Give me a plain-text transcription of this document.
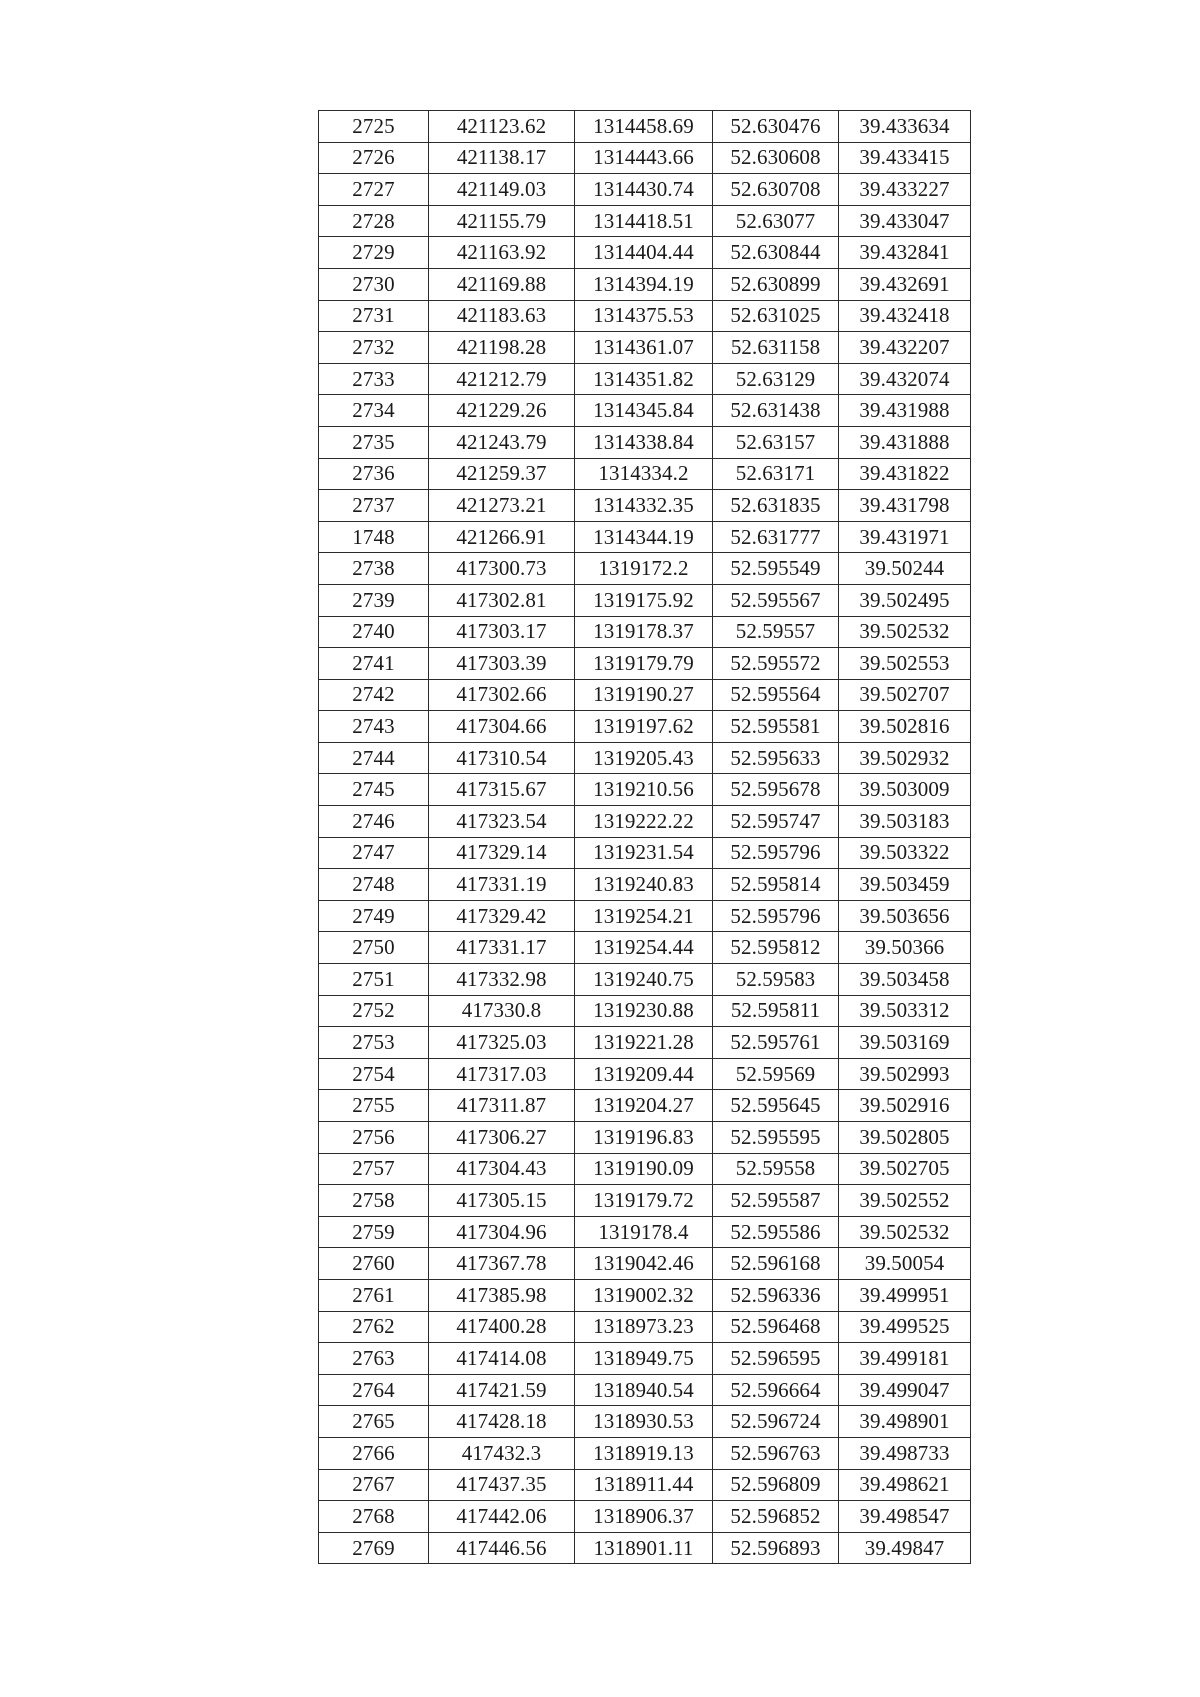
2725	421123.62	1314458.69	52.630476	39.433634
2726	421138.17	1314443.66	52.630608	39.433415
2727	421149.03	1314430.74	52.630708	39.433227
2728	421155.79	1314418.51	52.63077	39.433047
2729	421163.92	1314404.44	52.630844	39.432841
2730	421169.88	1314394.19	52.630899	39.432691
2731	421183.63	1314375.53	52.631025	39.432418
2732	421198.28	1314361.07	52.631158	39.432207
2733	421212.79	1314351.82	52.63129	39.432074
2734	421229.26	1314345.84	52.631438	39.431988
2735	421243.79	1314338.84	52.63157	39.431888
2736	421259.37	1314334.2	52.63171	39.431822
2737	421273.21	1314332.35	52.631835	39.431798
1748	421266.91	1314344.19	52.631777	39.431971
2738	417300.73	1319172.2	52.595549	39.50244
2739	417302.81	1319175.92	52.595567	39.502495
2740	417303.17	1319178.37	52.59557	39.502532
2741	417303.39	1319179.79	52.595572	39.502553
2742	417302.66	1319190.27	52.595564	39.502707
2743	417304.66	1319197.62	52.595581	39.502816
2744	417310.54	1319205.43	52.595633	39.502932
2745	417315.67	1319210.56	52.595678	39.503009
2746	417323.54	1319222.22	52.595747	39.503183
2747	417329.14	1319231.54	52.595796	39.503322
2748	417331.19	1319240.83	52.595814	39.503459
2749	417329.42	1319254.21	52.595796	39.503656
2750	417331.17	1319254.44	52.595812	39.50366
2751	417332.98	1319240.75	52.59583	39.503458
2752	417330.8	1319230.88	52.595811	39.503312
2753	417325.03	1319221.28	52.595761	39.503169
2754	417317.03	1319209.44	52.59569	39.502993
2755	417311.87	1319204.27	52.595645	39.502916
2756	417306.27	1319196.83	52.595595	39.502805
2757	417304.43	1319190.09	52.59558	39.502705
2758	417305.15	1319179.72	52.595587	39.502552
2759	417304.96	1319178.4	52.595586	39.502532
2760	417367.78	1319042.46	52.596168	39.50054
2761	417385.98	1319002.32	52.596336	39.499951
2762	417400.28	1318973.23	52.596468	39.499525
2763	417414.08	1318949.75	52.596595	39.499181
2764	417421.59	1318940.54	52.596664	39.499047
2765	417428.18	1318930.53	52.596724	39.498901
2766	417432.3	1318919.13	52.596763	39.498733
2767	417437.35	1318911.44	52.596809	39.498621
2768	417442.06	1318906.37	52.596852	39.498547
2769	417446.56	1318901.11	52.596893	39.49847
